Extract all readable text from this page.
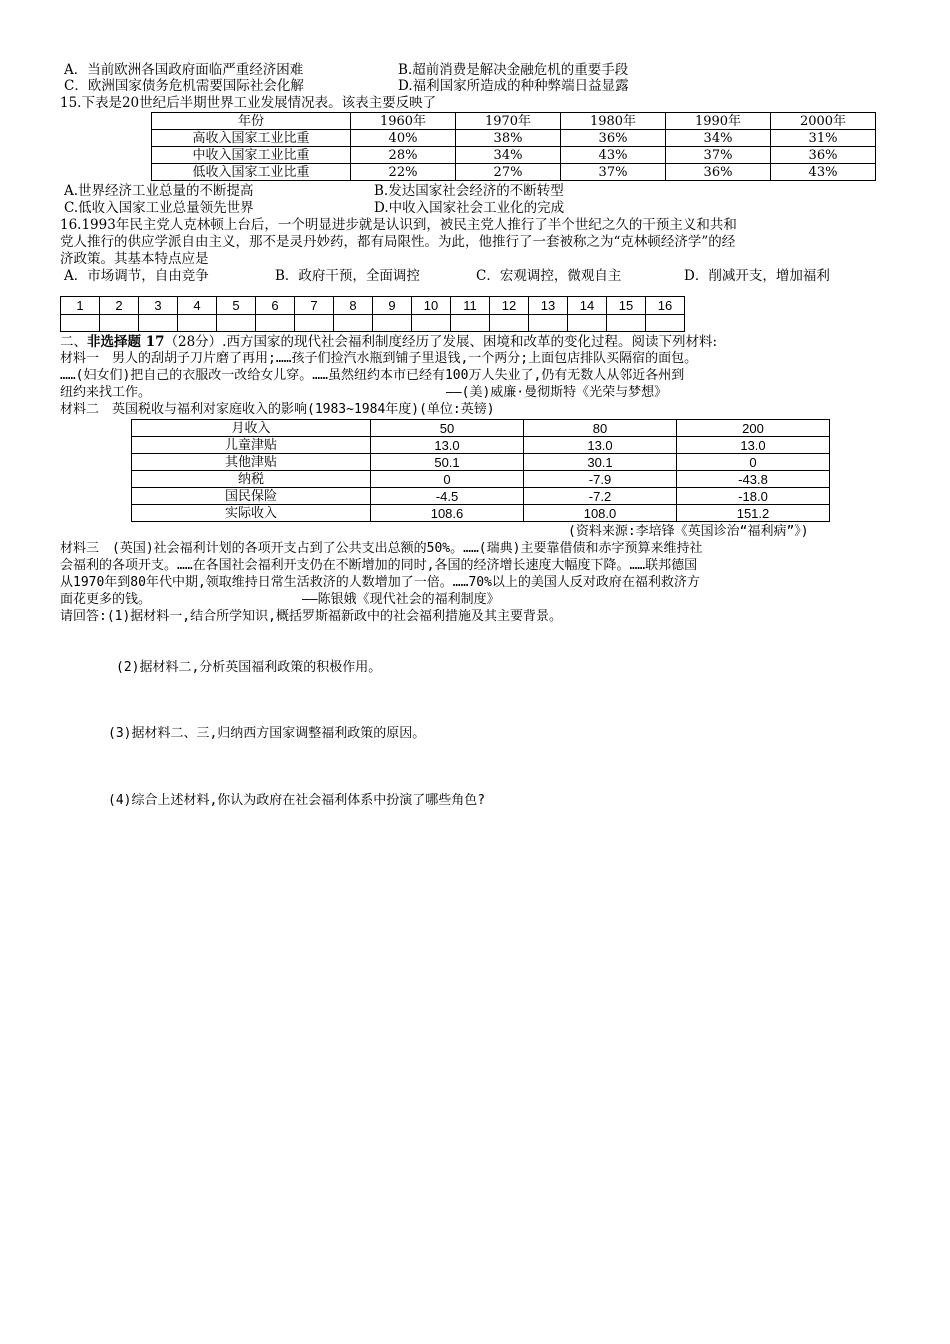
A．当前欧洲各国政府面临严重经济困难	B.超前消费是解决金融危机的重要手段
C．欧洲国家债务危机需要国际社会化解	D.福利国家所造成的种种弊端日益显露
15.下表是20世纪后半期世界工业发展情况表。该表主要反映了
年份	1960年	1970年	1980年	1990年	2000年
高收入国家工业比重	40%	38%	36%	34%	31%
中收入国家工业比重	28%	34%	43%	37%	36%
低收入国家工业比重	22%	27%	37%	36%	43%
A.世界经济工业总量的不断提高	B.发达国家社会经济的不断转型
C.低收入国家工业总量领先世界	D.中收入国家社会工业化的完成
16.1993年民主党人克林顿上台后，一个明显进步就是认识到，被民主党人推行了半个世纪之久的干预主义和共和
党人推行的供应学派自由主义，那不是灵丹妙药，都有局限性。为此，他推行了一套被称之为“克林顿经济学”的经
济政策。其基本特点应是
A．市场调节，自由竞争	B．政府干预，全面调控	C．宏观调控，微观自主	D．削减开支，增加福利
1	2	3	4	5	6	7	8	9	10	11	12	13	14	15	16

二、非选择题 17（28分）.西方国家的现代社会福利制度经历了发展、困境和改革的变化过程。阅读下列材料:
材料一　男人的刮胡子刀片磨了再用;……孩子们捡汽水瓶到铺子里退钱,一个两分;上面包店排队买隔宿的面包。
……(妇女们)把自己的衣服改一改给女儿穿。……虽然纽约本市已经有100万人失业了,仍有无数人从邻近各州到
纽约来找工作。	——(美)威廉·曼彻斯特《光荣与梦想》
材料二　英国税收与福利对家庭收入的影响(1983~1984年度)(单位:英镑)
月收入	50	80	200
儿童津贴	13.0	13.0	13.0
其他津贴	50.1	30.1	0
纳税	0	-7.9	-43.8
国民保险	-4.5	-7.2	-18.0
实际收入	108.6	108.0	151.2
(资料来源:李培锋《英国诊治“福利病”》)
材料三　(英国)社会福利计划的各项开支占到了公共支出总额的50%。……(瑞典)主要靠借债和赤字预算来维持社
会福利的各项开支。……在各国社会福利开支仍在不断增加的同时,各国的经济增长速度大幅度下降。……联邦德国
从1970年到80年代中期,领取维持日常生活救济的人数增加了一倍。……70%以上的美国人反对政府在福利救济方
面花更多的钱。	——陈银娥《现代社会的福利制度》
请回答:(1)据材料一,结合所学知识,概括罗斯福新政中的社会福利措施及其主要背景。
(2)据材料二,分析英国福利政策的积极作用。
(3)据材料二、三,归纳西方国家调整福利政策的原因。
(4)综合上述材料,你认为政府在社会福利体系中扮演了哪些角色?
